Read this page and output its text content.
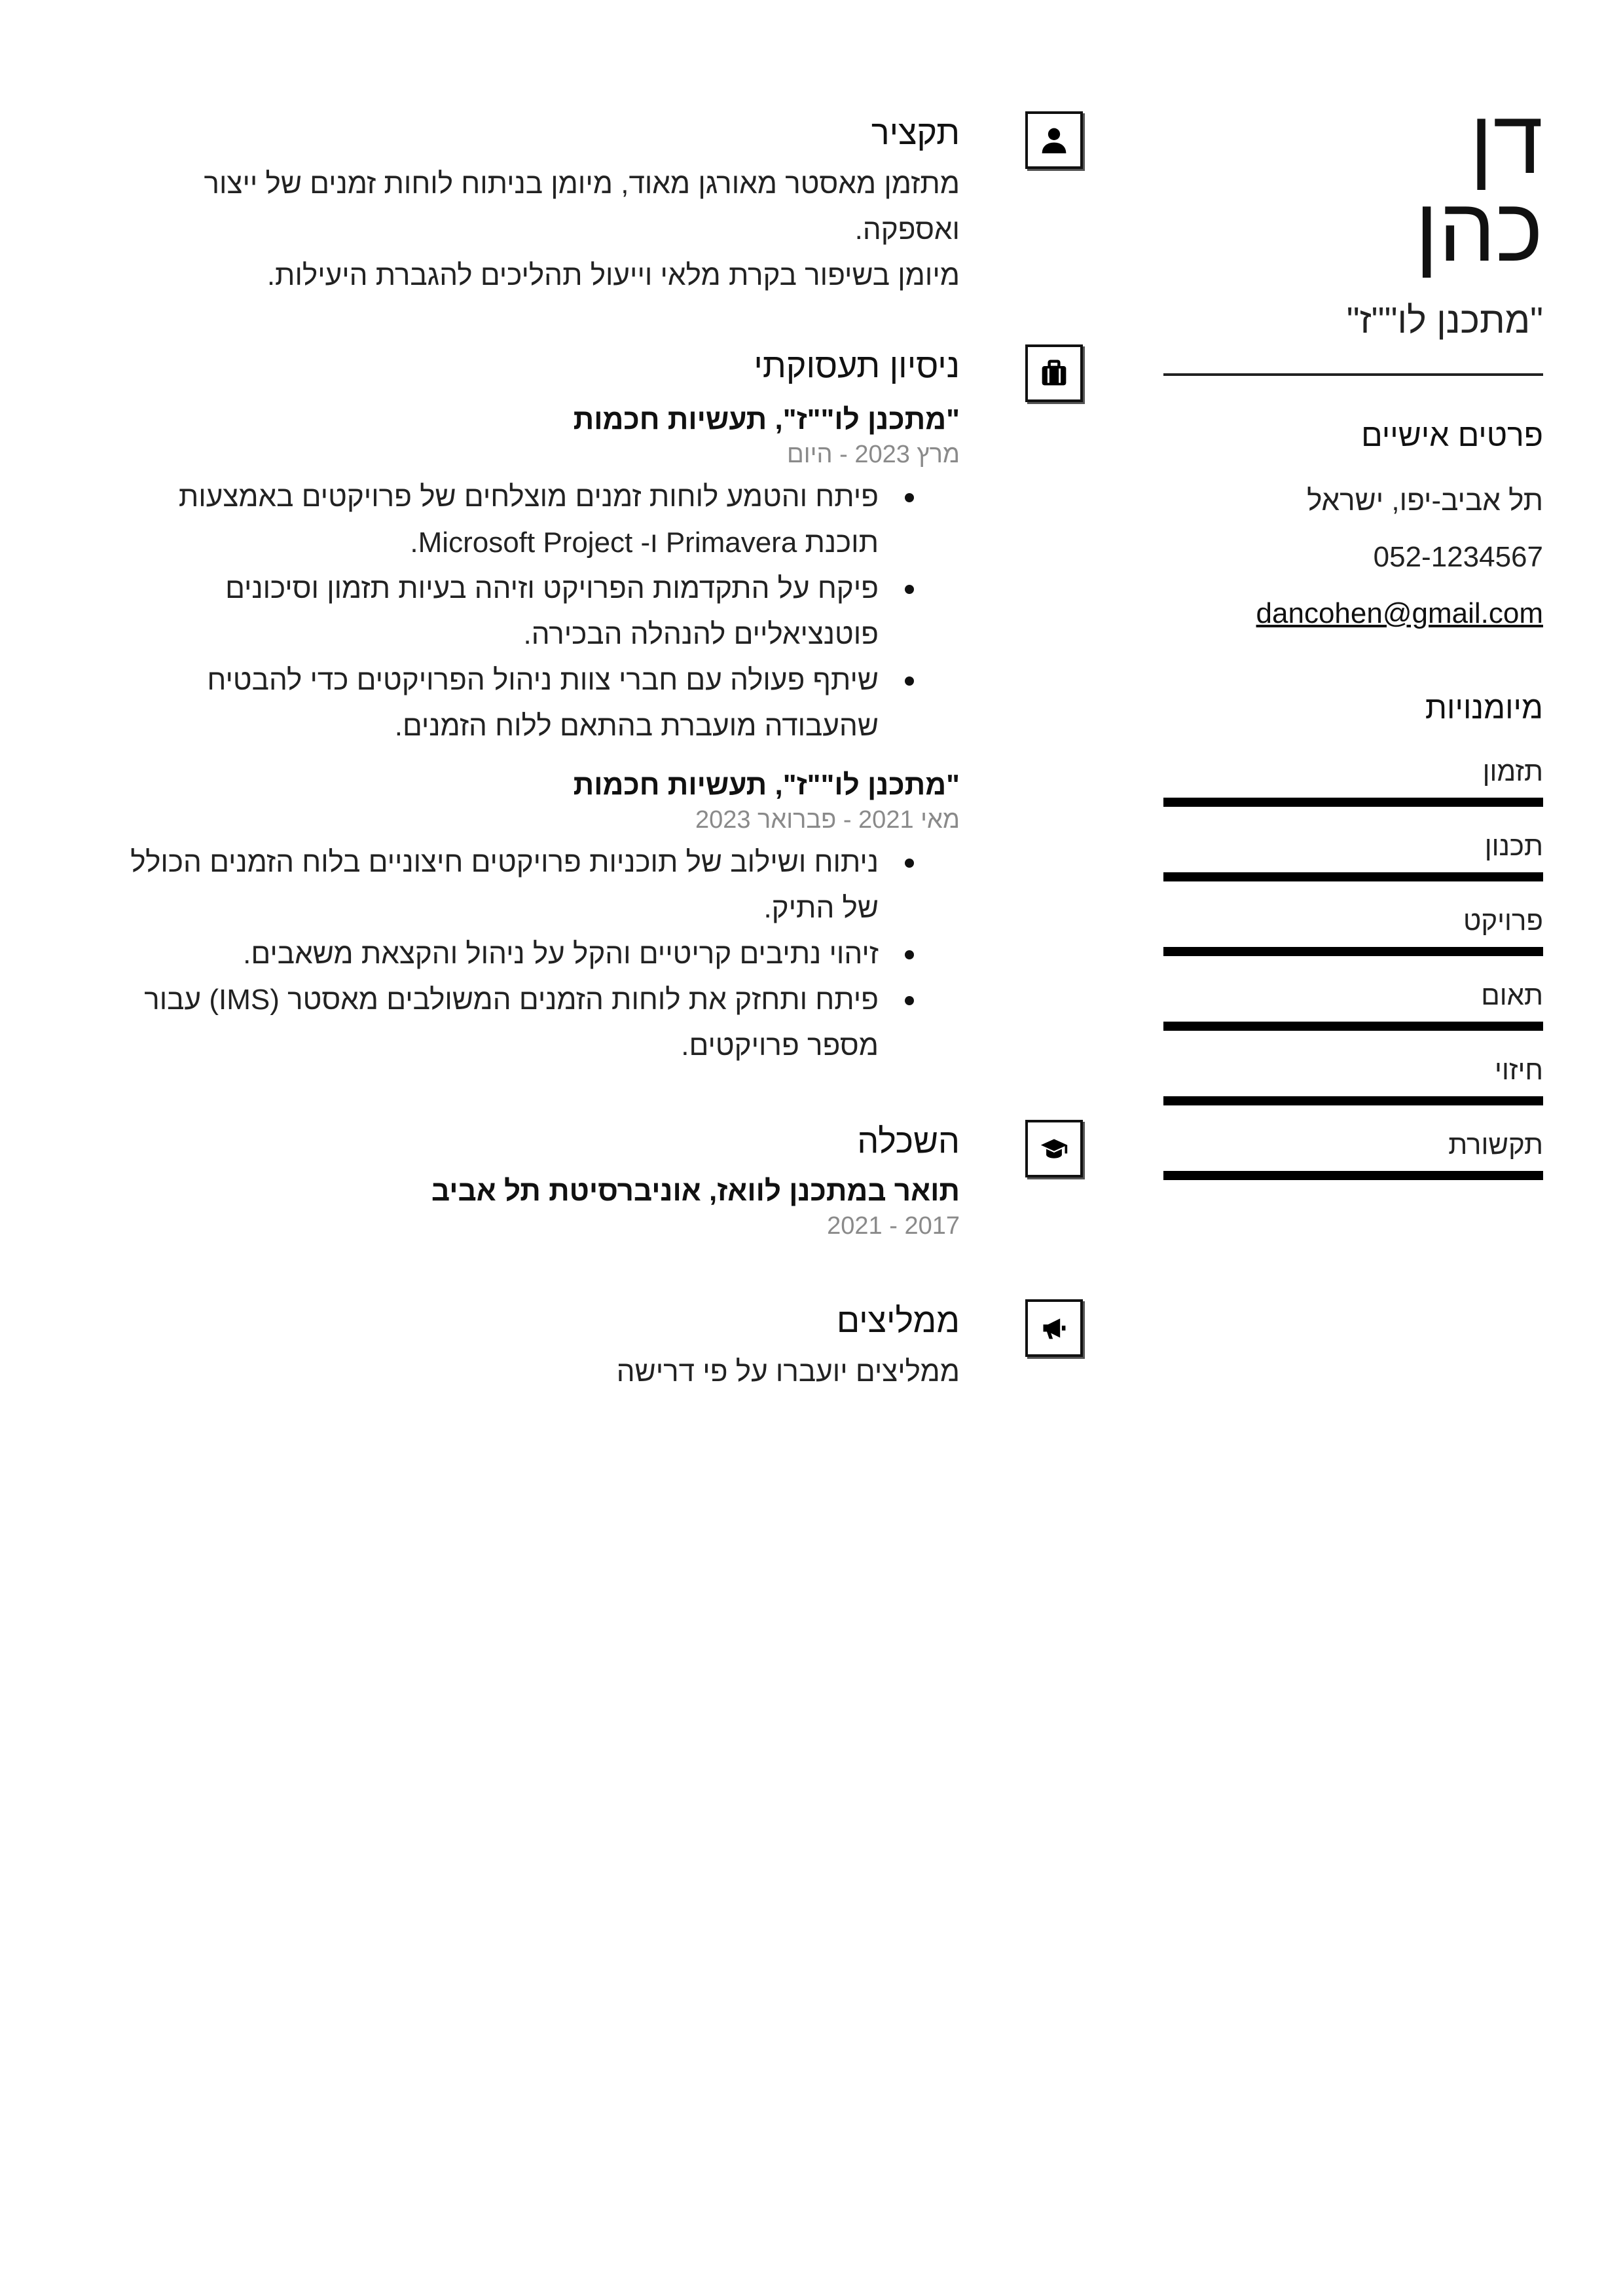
דן
כהן
"מתכנן לו""ז"
פרטים אישיים
תל אביב-יפו, ישראל
052-1234567
dancohen@gmail.com
מיומנויות
תזמון
תכנון
פרויקט
תאום
חיזוי
תקשורת
תקציר
מתזמן מאסטר מאורגן מאוד, מיומן בניתוח לוחות זמנים של ייצור ואספקה.
מיומן בשיפור בקרת מלאי וייעול תהליכים להגברת היעילות.
ניסיון תעסוקתי
"מתכנן לו""ז", תעשיות חכמות
מרץ 2023 - היום
פיתח והטמע לוחות זמנים מוצלחים של פרויקטים באמצעות תוכנת Primavera ו- Microsoft Project.
פיקח על התקדמות הפרויקט וזיהה בעיות תזמון וסיכונים פוטנציאליים להנהלה הבכירה.
שיתף פעולה עם חברי צוות ניהול הפרויקטים כדי להבטיח שהעבודה מועברת בהתאם ללוח הזמנים.
"מתכנן לו""ז", תעשיות חכמות
מאי 2021 - פברואר 2023
ניתוח ושילוב של תוכניות פרויקטים חיצוניים בלוח הזמנים הכולל של התיק.
זיהוי נתיבים קריטיים והקל על ניהול והקצאת משאבים.
פיתח ותחזק את לוחות הזמנים המשולבים מאסטר (IMS) עבור מספר פרויקטים.
השכלה
תואר במתכנן לוואז, אוניברסיטת תל אביב
2017 - 2021
ממליצים
ממליצים יועברו על פי דרישה
